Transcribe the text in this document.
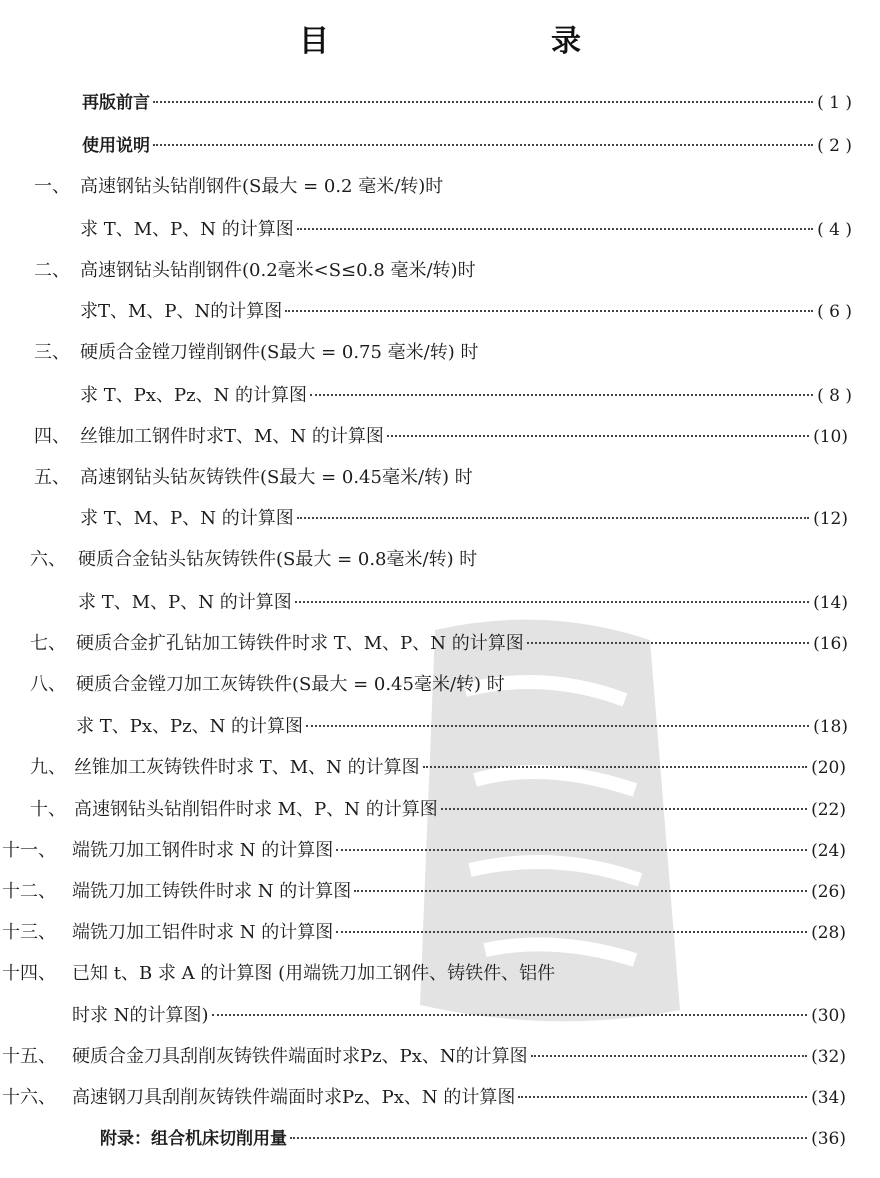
目　录
再版前言	( 1 )
使用说明	( 2 )
一、 高速钢钻头钻削钢件(S最大 = 0.2 毫米/转)时
求 T、M、P、N 的计算图	( 4 )
二、 高速钢钻头钻削钢件(0.2毫米<S≤0.8 毫米/转)时
求T、M、P、N的计算图	( 6 )
三、 硬质合金镗刀镗削钢件(S最大 = 0.75 毫米/转) 时
求 T、Px、Pz、N 的计算图	( 8 )
四、 丝锥加工钢件时求T、M、N 的计算图	(10)
五、 高速钢钻头钻灰铸铁件(S最大 = 0.45毫米/转) 时
求 T、M、P、N 的计算图	(12)
六、 硬质合金钻头钻灰铸铁件(S最大 = 0.8毫米/转) 时
求 T、M、P、N 的计算图	(14)
七、 硬质合金扩孔钻加工铸铁件时求 T、M、P、N 的计算图	(16)
八、 硬质合金镗刀加工灰铸铁件(S最大 = 0.45毫米/转) 时
求 T、Px、Pz、N 的计算图	(18)
九、 丝锥加工灰铸铁件时求 T、M、N 的计算图	(20)
十、 高速钢钻头钻削铝件时求 M、P、N 的计算图	(22)
十一、 端铣刀加工钢件时求 N 的计算图	(24)
十二、 端铣刀加工铸铁件时求 N 的计算图	(26)
十三、 端铣刀加工铝件时求 N 的计算图	(28)
十四、 已知 t、B 求 A 的计算图 (用端铣刀加工钢件、铸铁件、铝件
时求 N的计算图)	(30)
十五、 硬质合金刀具刮削灰铸铁件端面时求Pz、Px、N的计算图	(32)
十六、 高速钢刀具刮削灰铸铁件端面时求Pz、Px、N 的计算图	(34)
附录：组合机床切削用量	(36)
